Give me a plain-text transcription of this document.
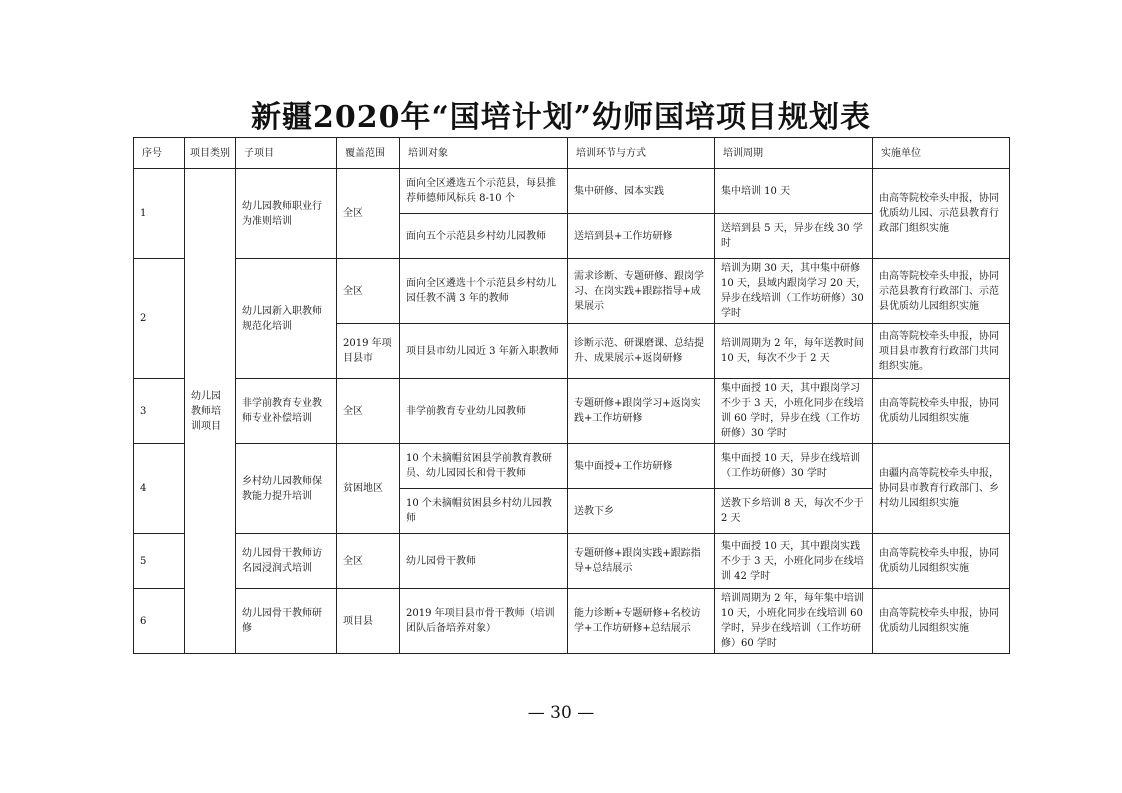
新疆2020年“国培计划”幼师国培项目规划表
序号	项目类别	子项目	覆盖范围	培训对象	培训环节与方式	培训周期	实施单位
1	幼儿园教师培训项目	幼儿园教师职业行为准则培训	全区	面向全区遴选五个示范县，每县推荐师德师风标兵 8-10 个	集中研修、园本实践	集中培训 10 天	由高等院校牵头申报，协同优质幼儿园、示范县教育行政部门组织实施
				面向五个示范县乡村幼儿园教师	送培到县+工作坊研修	送培到县 5 天，异步在线 30 学时	
2		幼儿园新入职教师规范化培训	全区	面向全区遴选十个示范县乡村幼儿园任教不满 3 年的教师	需求诊断、专题研修、跟岗学习、在岗实践+跟踪指导+成果展示	培训为期 30 天，其中集中研修 10 天，县域内跟岗学习 20 天，异步在线培训（工作坊研修）30 学时	由高等院校牵头申报，协同示范县教育行政部门、示范县优质幼儿园组织实施
			2019 年项目县市	项目县市幼儿园近 3 年新入职教师	诊断示范、研课磨课、总结提升、成果展示+返岗研修	培训周期为 2 年，每年送教时间 10 天，每次不少于 2 天	由高等院校牵头申报，协同项目县市教育行政部门共同组织实施。
3		非学前教育专业教师专业补偿培训	全区	非学前教育专业幼儿园教师	专题研修+跟岗学习+返岗实践+工作坊研修	集中面授 10 天，其中跟岗学习不少于 3 天，小班化同步在线培训 60 学时，异步在线（工作坊研修）30 学时	由高等院校牵头申报，协同优质幼儿园组织实施
4		乡村幼儿园教师保教能力提升培训	贫困地区	10 个未摘帽贫困县学前教育教研员、幼儿园园长和骨干教师	集中面授+工作坊研修	集中面授 10 天，异步在线培训（工作坊研修）30 学时	由疆内高等院校牵头申报，协同县市教育行政部门、乡村幼儿园组织实施
				10 个未摘帽贫困县乡村幼儿园教师	送教下乡	送教下乡培训 8 天，每次不少于 2 天	
5		幼儿园骨干教师访名园浸润式培训	全区	幼儿园骨干教师	专题研修+跟岗实践+跟踪指导+总结展示	集中面授 10 天，其中跟岗实践不少于 3 天，小班化同步在线培训 42 学时	由高等院校牵头申报，协同优质幼儿园组织实施
6		幼儿园骨干教师研修	项目县	2019 年项目县市骨干教师（培训团队后备培养对象）	能力诊断+专题研修+名校访学+工作坊研修+总结展示	培训周期为 2 年，每年集中培训 10 天，小班化同步在线培训 60 学时，异步在线培训（工作坊研修）60 学时	由高等院校牵头申报，协同优质幼儿园组织实施
— 30 —
